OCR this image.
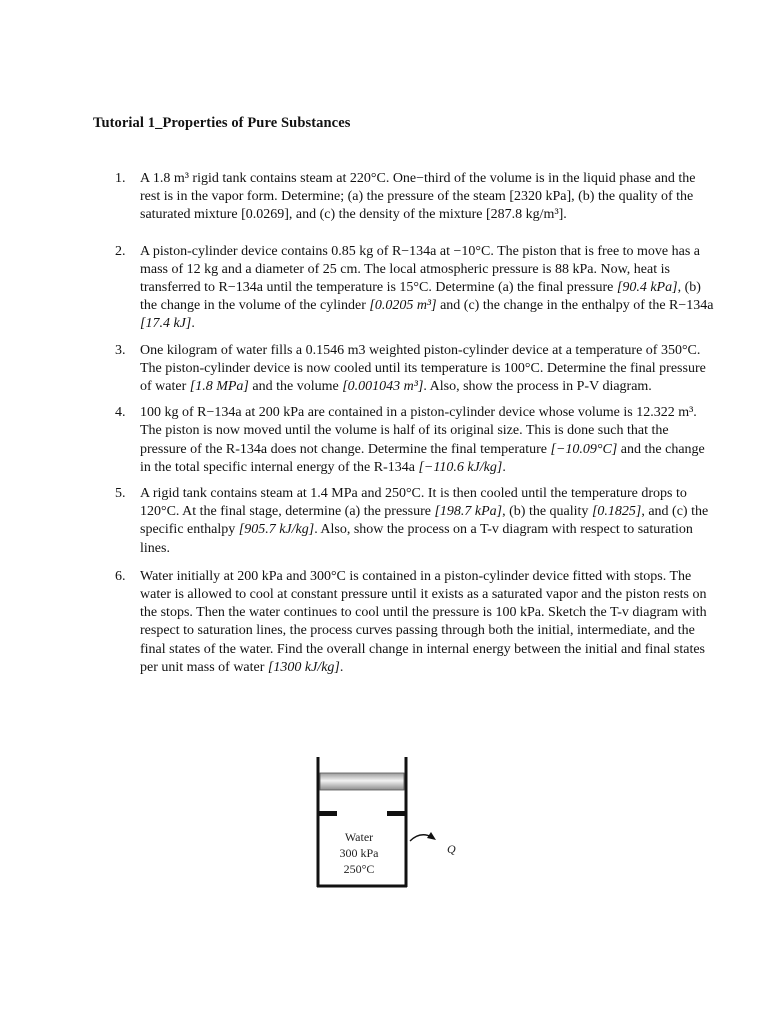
Tutorial 1_Properties of Pure Substances
1.	A 1.8 m³ rigid tank contains steam at 220°C. One−third of the volume is in the liquid phase and the rest is in the vapor form. Determine; (a) the pressure of the steam [2320 kPa], (b) the quality of the saturated mixture [0.0269], and (c) the density of the mixture [287.8 kg/m³].
2.	A piston-cylinder device contains 0.85 kg of R−134a at −10°C. The piston that is free to move has a mass of 12 kg and a diameter of 25 cm. The local atmospheric pressure is 88 kPa. Now, heat is transferred to R−134a until the temperature is 15°C. Determine (a) the final pressure [90.4 kPa], (b) the change in the volume of the cylinder [0.0205 m³] and (c) the change in the enthalpy of the R−134a [17.4 kJ].
3.	One kilogram of water fills a 0.1546 m3 weighted piston-cylinder device at a temperature of 350°C. The piston-cylinder device is now cooled until its temperature is 100°C. Determine the final pressure of water [1.8 MPa] and the volume [0.001043 m³]. Also, show the process in P-V diagram.
4.	100 kg of R−134a at 200 kPa are contained in a piston-cylinder device whose volume is 12.322 m³. The piston is now moved until the volume is half of its original size. This is done such that the pressure of the R-134a does not change. Determine the final temperature [−10.09°C] and the change in the total specific internal energy of the R-134a [−110.6 kJ/kg].
5.	A rigid tank contains steam at 1.4 MPa and 250°C. It is then cooled until the temperature drops to 120°C. At the final stage, determine (a) the pressure [198.7 kPa], (b) the quality [0.1825], and (c) the specific enthalpy [905.7 kJ/kg]. Also, show the process on a T-v diagram with respect to saturation lines.
6.	Water initially at 200 kPa and 300°C is contained in a piston-cylinder device fitted with stops. The water is allowed to cool at constant pressure until it exists as a saturated vapor and the piston rests on the stops. Then the water continues to cool until the pressure is 100 kPa. Sketch the T-v diagram with respect to saturation lines, the process curves passing through both the initial, intermediate, and the final states of the water. Find the overall change in internal energy between the initial and final states per unit mass of water [1300 kJ/kg].
Water
300 kPa
250°C
Q
